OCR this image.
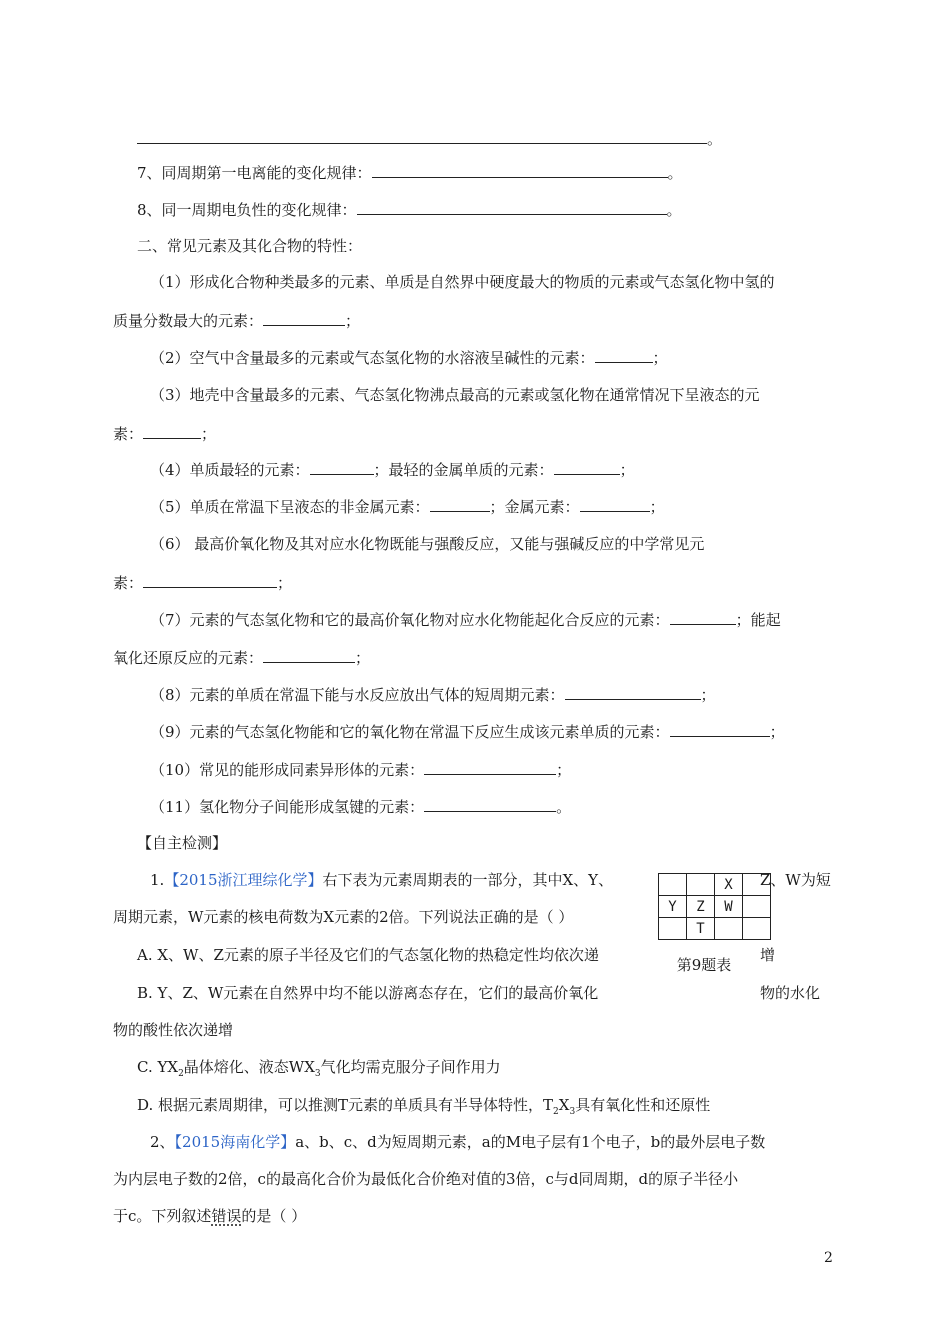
。
7、同周期第一电离能的变化规律：	。
8、同一周期电负性的变化规律：	。
二、常见元素及其化合物的特性：
（1）形成化合物种类最多的元素、单质是自然界中硬度最大的物质的元素或气态氢化物中氢的
质量分数最大的元素：	；
（2）空气中含量最多的元素或气态氢化物的水溶液呈碱性的元素：	；
（3）地壳中含量最多的元素、气态氢化物沸点最高的元素或氢化物在通常情况下呈液态的元
素：	；
（4）单质最轻的元素：	；最轻的金属单质的元素：	；
（5）单质在常温下呈液态的非金属元素：	；金属元素：	；
（6） 最高价氧化物及其对应水化物既能与强酸反应，又能与强碱反应的中学常见元
素：	；
（7）元素的气态氢化物和它的最高价氧化物对应水化物能起化合反应的元素：	；能起
氧化还原反应的元素：	；
（8）元素的单质在常温下能与水反应放出气体的短周期元素：	；
（9）元素的气态氢化物能和它的氧化物在常温下反应生成该元素单质的元素：	；
（10）常见的能形成同素异形体的元素：	；
（11）氢化物分子间能形成氢键的元素：	。
【自主检测】
1.【2015浙江理综化学】右下表为元素周期表的一部分，其中X、Y、	Z、W为短
周期元素，W元素的核电荷数为X元素的2倍。下列说法正确的是（ ）
		X	
Y	Z	W	
	T		
第9题表
A. X、W、Z元素的原子半径及它们的气态氢化物的热稳定性均依次递	增
B. Y、Z、W元素在自然界中均不能以游离态存在，它们的最高价氧化	物的水化
物的酸性依次递增
C. $YX_2$晶体熔化、液态$WX_3$气化均需克服分子间作用力
D. 根据元素周期律，可以推测T元素的单质具有半导体特性，$T_2X_3$具有氧化性和还原性
2、【2015海南化学】a、b、c、d为短周期元素，a的M电子层有1个电子，b的最外层电子数
为内层电子数的2倍，c的最高化合价为最低化合价绝对值的3倍，c与d同周期，d的原子半径小
于c。下列叙述错误的是（ ）
2
